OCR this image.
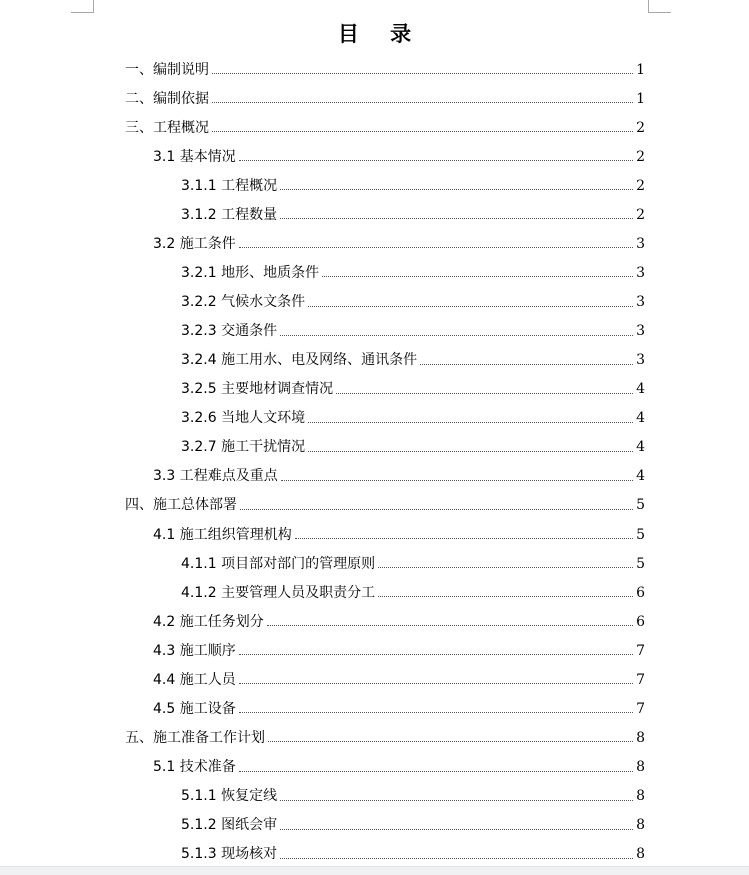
目 录
一、编制说明	1
二、编制依据	1
三、工程概况	2
3.1 基本情况	2
3.1.1 工程概况	2
3.1.2 工程数量	2
3.2 施工条件	3
3.2.1 地形、地质条件	3
3.2.2 气候水文条件	3
3.2.3 交通条件	3
3.2.4 施工用水、电及网络、通讯条件	3
3.2.5 主要地材调查情况	4
3.2.6 当地人文环境	4
3.2.7 施工干扰情况	4
3.3 工程难点及重点	4
四、施工总体部署	5
4.1 施工组织管理机构	5
4.1.1 项目部对部门的管理原则	5
4.1.2 主要管理人员及职责分工	6
4.2 施工任务划分	6
4.3 施工顺序	7
4.4 施工人员	7
4.5 施工设备	7
五、施工准备工作计划	8
5.1 技术准备	8
5.1.1 恢复定线	8
5.1.2 图纸会审	8
5.1.3 现场核对	8
